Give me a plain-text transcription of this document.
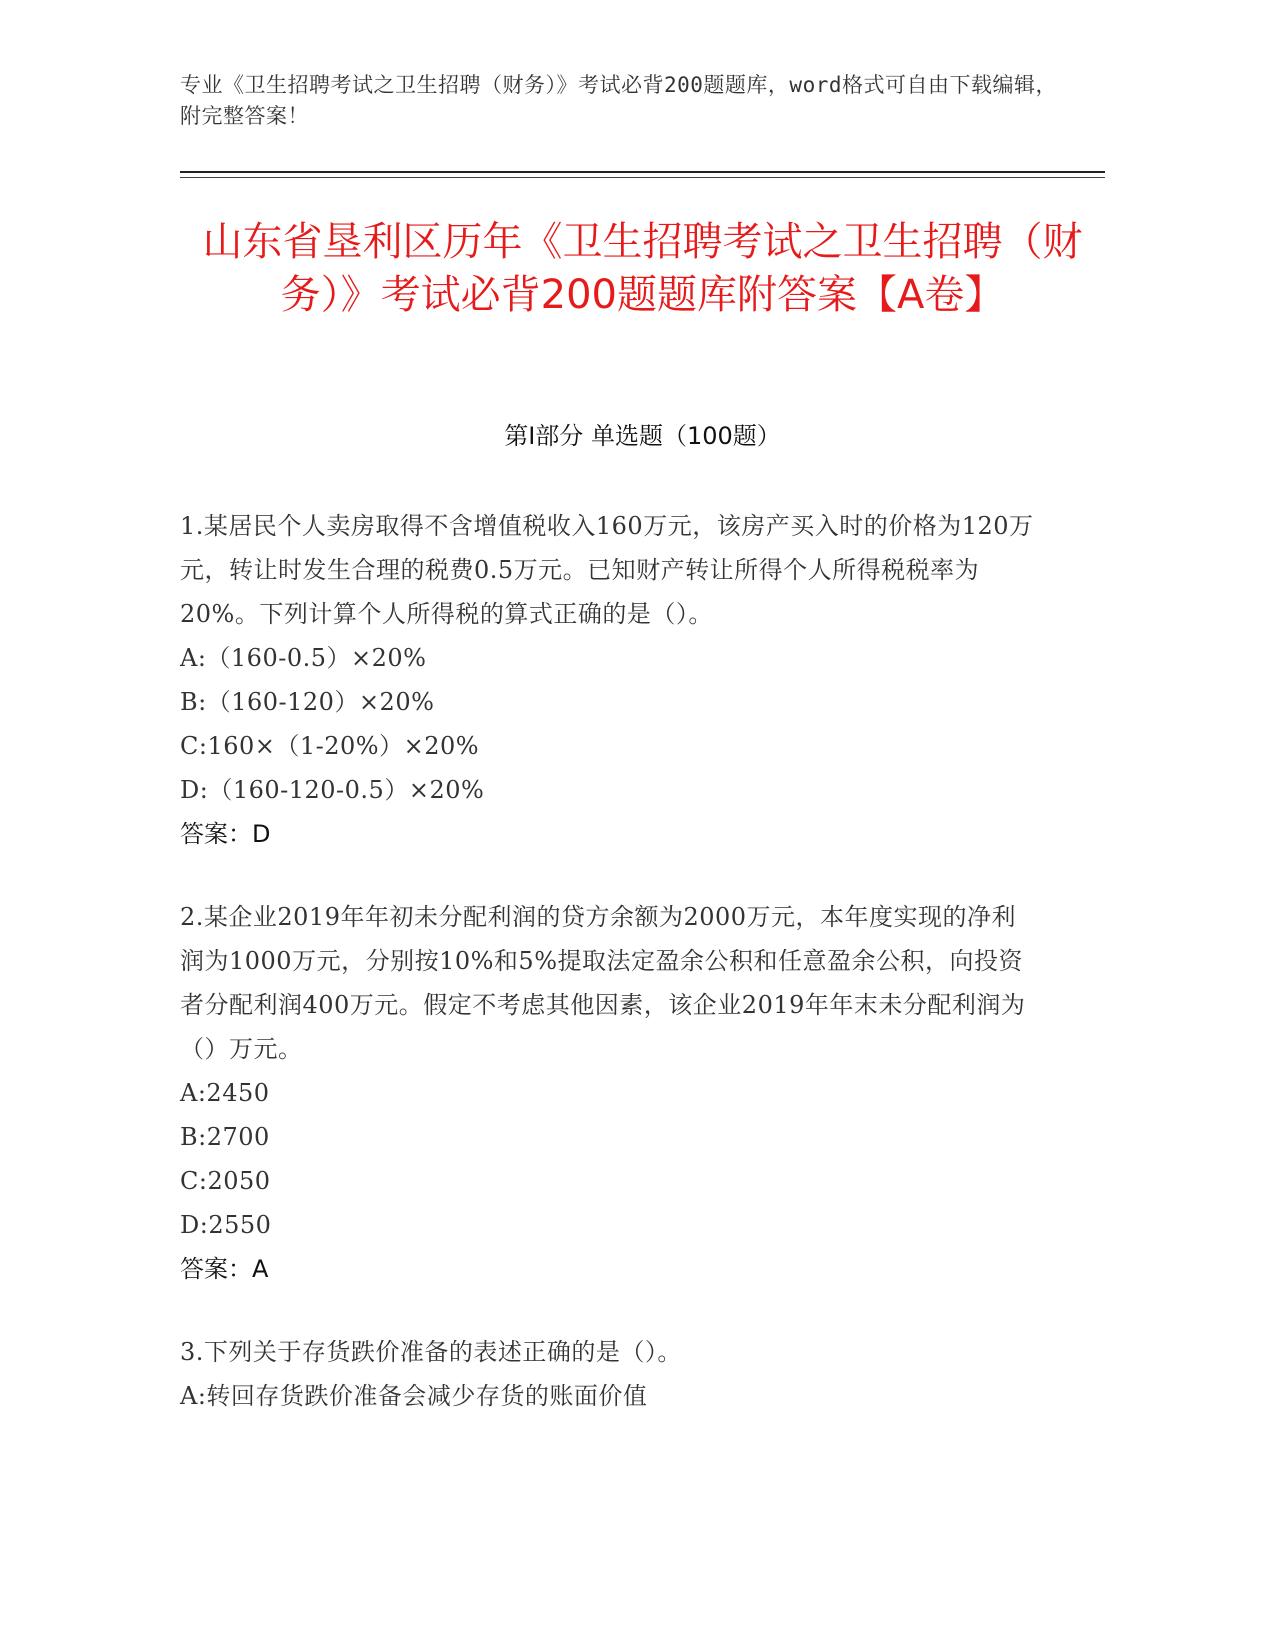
专业《卫生招聘考试之卫生招聘（财务）》考试必背200题题库，word格式可自由下载编辑，附完整答案！
山东省垦利区历年《卫生招聘考试之卫生招聘（财务）》考试必背200题题库附答案【A卷】
第I部分 单选题（100题）
1.某居民个人卖房取得不含增值税收入160万元，该房产买入时的价格为120万元，转让时发生合理的税费0.5万元。已知财产转让所得个人所得税税率为20%。下列计算个人所得税的算式正确的是（）。
A:（160-0.5）×20%
B:（160-120）×20%
C:160×（1-20%）×20%
D:（160-120-0.5）×20%
答案：D
2.某企业2019年年初未分配利润的贷方余额为2000万元，本年度实现的净利润为1000万元，分别按10%和5%提取法定盈余公积和任意盈余公积，向投资者分配利润400万元。假定不考虑其他因素，该企业2019年年末未分配利润为（）万元。
A:2450
B:2700
C:2050
D:2550
答案：A
3.下列关于存货跌价准备的表述正确的是（）。
A:转回存货跌价准备会减少存货的账面价值
